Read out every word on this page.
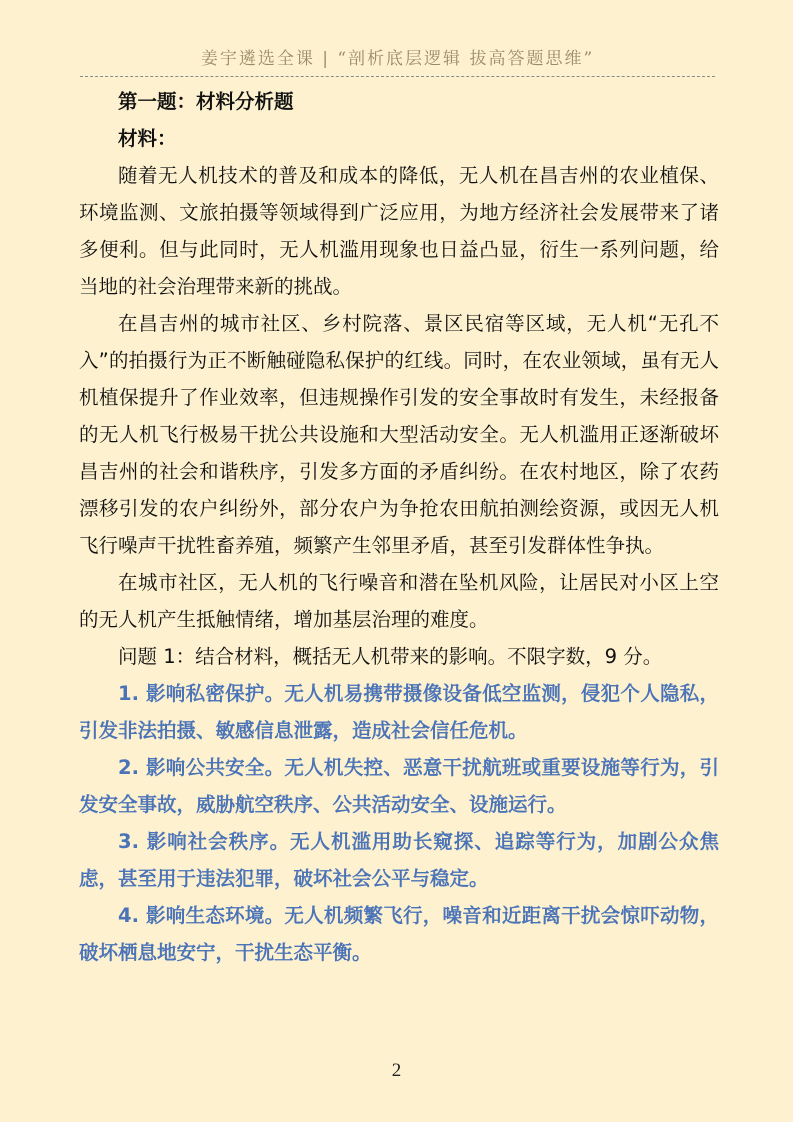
姜宇遴选全课 | “剖析底层逻辑 拔高答题思维”

第一题：材料分析题

材料：

随着无人机技术的普及和成本的降低，无人机在昌吉州的农业植保、环境监测、文旅拍摄等领域得到广泛应用，为地方经济社会发展带来了诸多便利。但与此同时，无人机滥用现象也日益凸显，衍生一系列问题，给当地的社会治理带来新的挑战。

在昌吉州的城市社区、乡村院落、景区民宿等区域，无人机“无孔不入”的拍摄行为正不断触碰隐私保护的红线。同时，在农业领域，虽有无人机植保提升了作业效率，但违规操作引发的安全事故时有发生，未经报备的无人机飞行极易干扰公共设施和大型活动安全。无人机滥用正逐渐破坏昌吉州的社会和谐秩序，引发多方面的矛盾纠纷。在农村地区，除了农药漂移引发的农户纠纷外，部分农户为争抢农田航拍测绘资源，或因无人机飞行噪声干扰牲畜养殖，频繁产生邻里矛盾，甚至引发群体性争执。

在城市社区，无人机的飞行噪音和潜在坠机风险，让居民对小区上空的无人机产生抵触情绪，增加基层治理的难度。

问题 1：结合材料，概括无人机带来的影响。不限字数，9 分。

1. 影响私密保护。无人机易携带摄像设备低空监测，侵犯个人隐私，引发非法拍摄、敏感信息泄露，造成社会信任危机。

2. 影响公共安全。无人机失控、恶意干扰航班或重要设施等行为，引发安全事故，威胁航空秩序、公共活动安全、设施运行。

3. 影响社会秩序。无人机滥用助长窥探、追踪等行为，加剧公众焦虑，甚至用于违法犯罪，破坏社会公平与稳定。

4. 影响生态环境。无人机频繁飞行，噪音和近距离干扰会惊吓动物，破坏栖息地安宁，干扰生态平衡。

2
